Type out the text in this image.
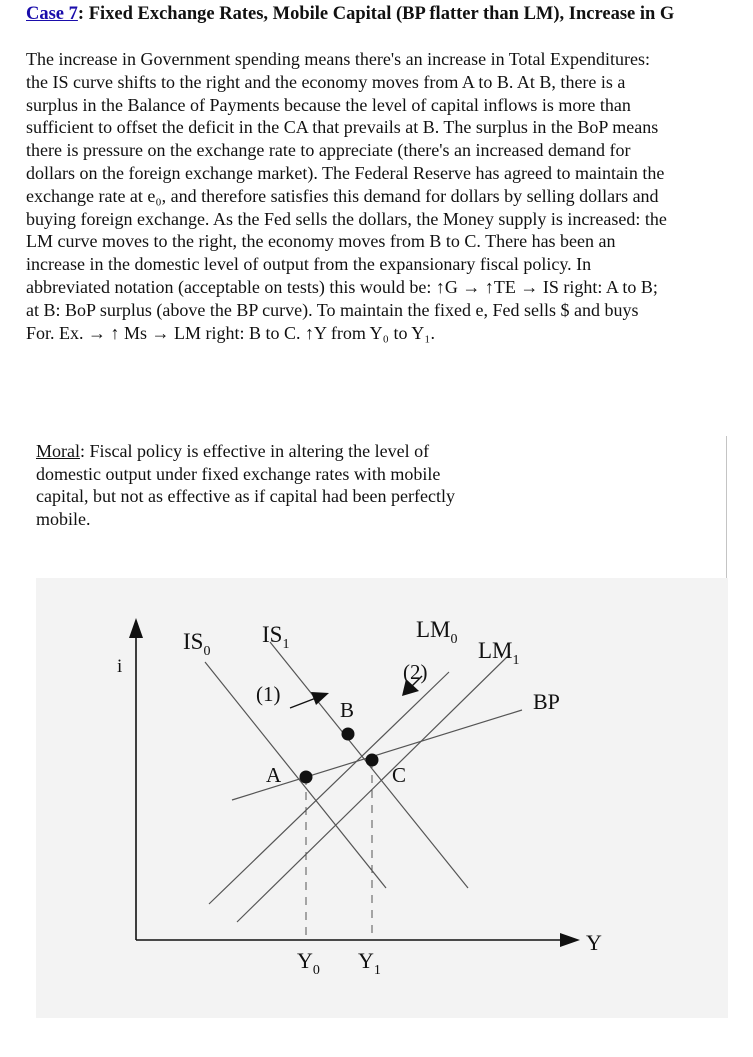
Case 7: Fixed Exchange Rates, Mobile Capital (BP flatter than LM), Increase in G
The increase in Government spending means there's an increase in Total Expenditures:
the IS curve shifts to the right and the economy moves from A to B. At B, there is a
surplus in the Balance of Payments because the level of capital inflows is more than
sufficient to offset the deficit in the CA that prevails at B. The surplus in the BoP means
there is pressure on the exchange rate to appreciate (there's an increased demand for
dollars on the foreign exchange market). The Federal Reserve has agreed to maintain the
exchange rate at e₀, and therefore satisfies this demand for dollars by selling dollars and
buying foreign exchange. As the Fed sells the dollars, the Money supply is increased: the
LM curve moves to the right, the economy moves from B to C. There has been an
increase in the domestic level of output from the expansionary fiscal policy. In
abbreviated notation (acceptable on tests) this would be: ↑G → ↑TE → IS right: A to B;
at B: BoP surplus (above the BP curve). To maintain the fixed e, Fed sells $ and buys
For. Ex. → ↑ Ms → LM right: B to C. ↑Y from Y₀ to Y₁.
Moral: Fiscal policy is effective in altering the level of
domestic output under fixed exchange rates with mobile
capital, but not as effective as if capital had been perfectly
mobile.
i
Y
$IS_0$
$IS_1$
$LM_0$ $LM_1$
BP
A
B
C
(1)
(2)
$Y_0$ $Y_1$
